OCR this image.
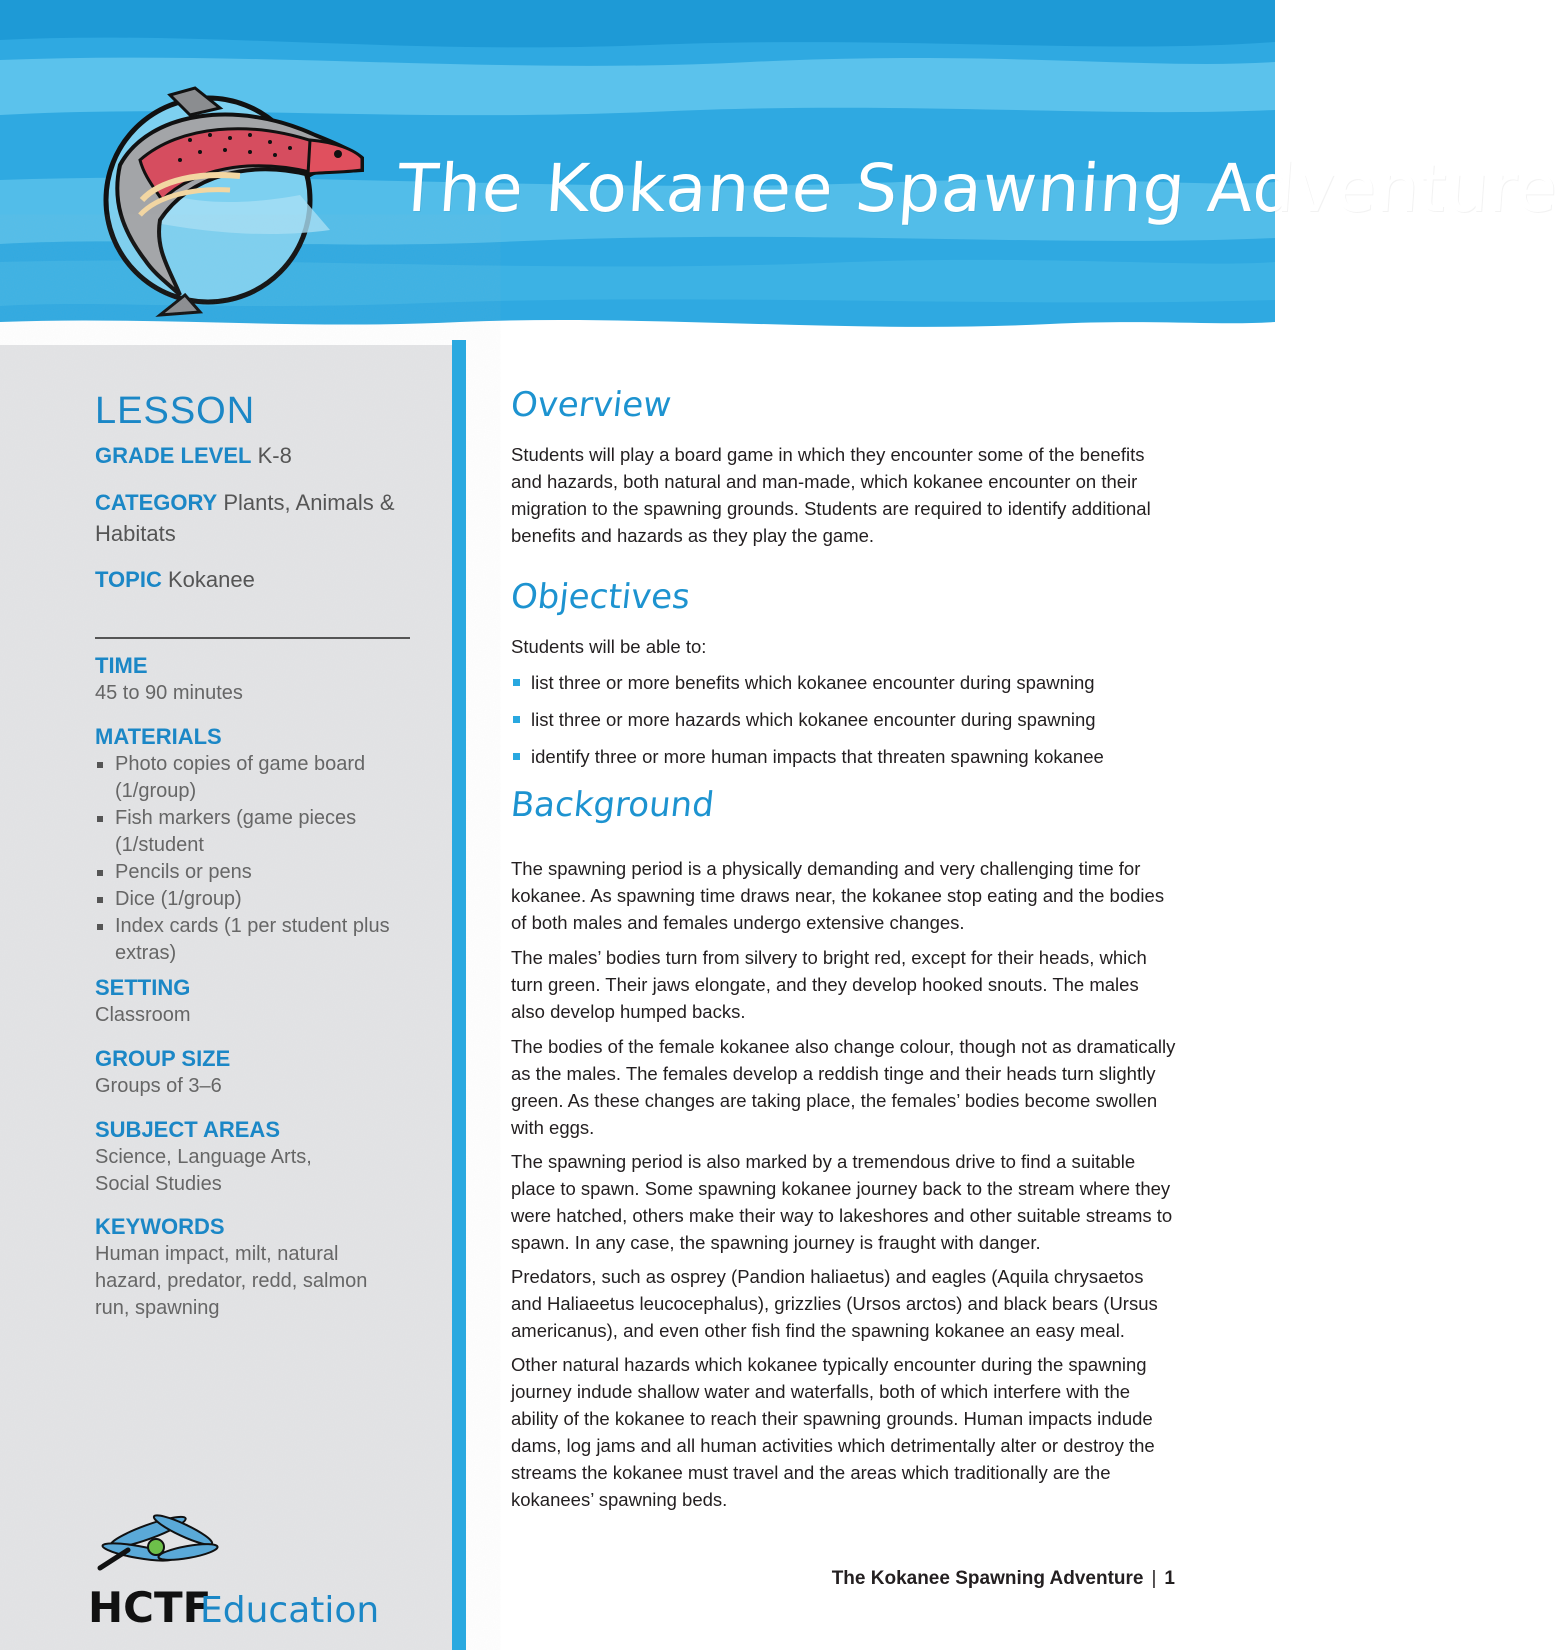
The Kokanee Spawning Adventure
LESSON
GRADE LEVEL K-8
CATEGORY Plants, Animals & Habitats
TOPIC Kokanee
TIME

45 to 90 minutes

MATERIALS
Photo copies of game board (1/group)
Fish markers (game pieces (1/student
Pencils or pens
Dice (1/group)
Index cards (1 per student plus extras)
SETTING

Classroom

GROUP SIZE

Groups of 3–6

SUBJECT AREAS

Science, Language Arts, Social Studies

KEYWORDS

Human impact, milt, natural hazard, predator, redd, salmon run, spawning

HCTF
Education
Overview

Students will play a board game in which they encounter some of the benefits and hazards, both natural and man-made, which kokanee encounter on their migration to the spawning grounds. Students are required to identify additional benefits and hazards as they play the game.

Objectives

Students will be able to:

list three or more benefits which kokanee encounter during spawning
list three or more hazards which kokanee encounter during spawning
identify three or more human impacts that threaten spawning kokanee
Background

The spawning period is a physically demanding and very challenging time for kokanee. As spawning time draws near, the kokanee stop eating and the bodies of both males and females undergo extensive changes.

The males’ bodies turn from silvery to bright red, except for their heads, which turn green. Their jaws elongate, and they develop hooked snouts. The males also develop humped backs.

The bodies of the female kokanee also change colour, though not as dramatically as the males. The females develop a reddish tinge and their heads turn slightly green. As these changes are taking place, the females’ bodies become swollen with eggs.

The spawning period is also marked by a tremendous drive to find a suitable place to spawn. Some spawning kokanee journey back to the stream where they were hatched, others make their way to lakeshores and other suitable streams to spawn. In any case, the spawning journey is fraught with danger.

Predators, such as osprey (Pandion haliaetus) and eagles (Aquila chrysaetos and Haliaeetus leucocephalus), grizzlies (Ursos arctos) and black bears (Ursus americanus), and even other fish find the spawning kokanee an easy meal.

Other natural hazards which kokanee typically encounter during the spawning journey indude shallow water and waterfalls, both of which interfere with the ability of the kokanee to reach their spawning grounds. Human impacts indude dams, log jams and all human activities which detrimentally alter or destroy the streams the kokanee must travel and the areas which traditionally are the kokanees’ spawning beds.

The Kokanee Spawning Adventure | 1
